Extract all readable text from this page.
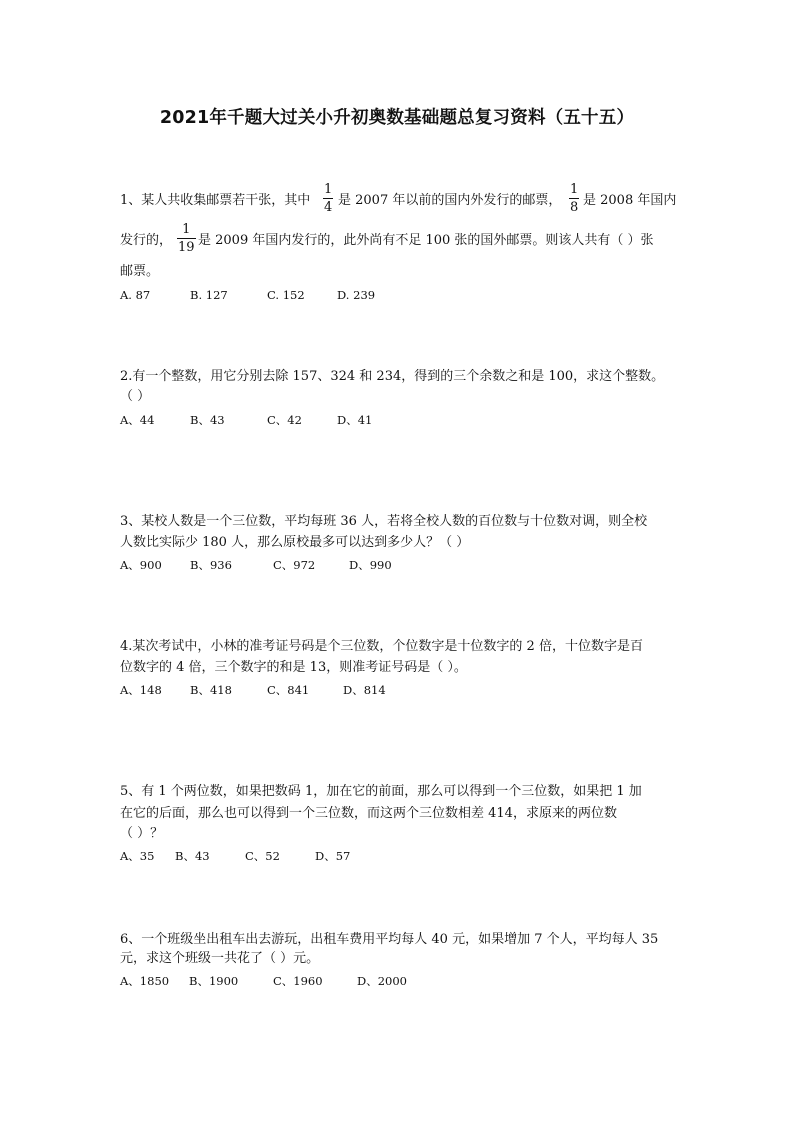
2021年千题大过关小升初奥数基础题总复习资料（五十五）
1、某人共收集邮票若干张，其中
1
4 是 2007 年以前的国内外发行的邮票，
1
8 是 2008 年国内
发行的，
1
19 是 2009 年国内发行的，此外尚有不足 100 张的国外邮票。则该人共有（ ）张
邮票。
A. 87	B. 127	C. 152	D. 239
2.有一个整数，用它分别去除 157、324 和 234，得到的三个余数之和是 100，求这个整数。
（ ）
A、44	B、43	C、42	D、41
3、某校人数是一个三位数，平均每班 36 人，若将全校人数的百位数与十位数对调，则全校
人数比实际少 180 人，那么原校最多可以达到多少人？（ ）
A、900 B、936	C、972	D、990
4.某次考试中，小林的准考证号码是个三位数，个位数字是十位数字的 2 倍，十位数字是百
位数字的 4 倍，三个数字的和是 13，则准考证号码是（ ）。
A、148 B、418	C、841	D、814
5、有 1 个两位数，如果把数码 1，加在它的前面，那么可以得到一个三位数，如果把 1 加
在它的后面，那么也可以得到一个三位数，而这两个三位数相差 414，求原来的两位数
（ ）？
A、35 B、43	C、52	D、57
6、一个班级坐出租车出去游玩，出租车费用平均每人 40 元，如果增加 7 个人，平均每人 35
元，求这个班级一共花了（ ）元。
A、1850 B、1900	C、1960	D、2000
